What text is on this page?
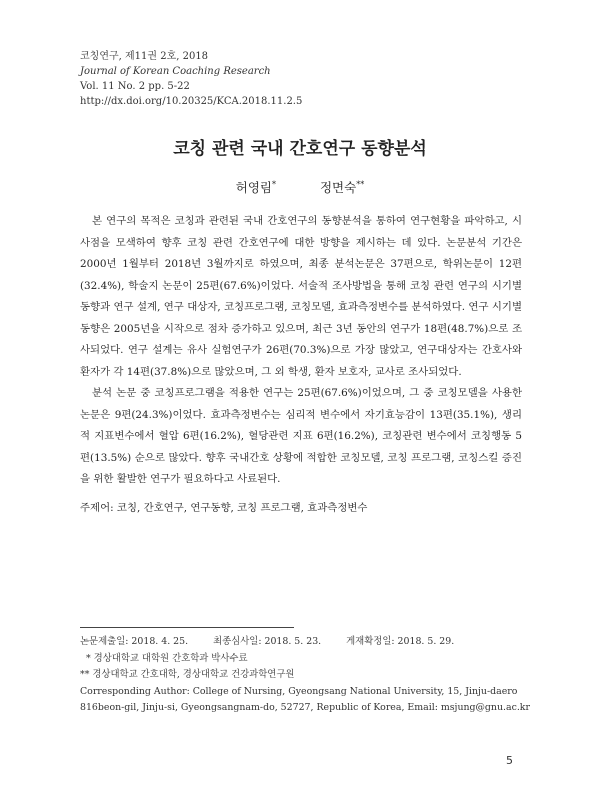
코칭연구, 제11권 2호, 2018
Journal of Korean Coaching Research
Vol. 11 No. 2 pp. 5-22
http://dx.doi.org/10.20325/KCA.2018.11.2.5
코칭 관련 국내 간호연구 동향분석
허영림*	정면숙**

본 연구의 목적은 코칭과 관련된 국내 간호연구의 동향분석을 통하여 연구현황을 파악하고, 시사점을 모색하여 향후 코칭 관련 간호연구에 대한 방향을 제시하는 데 있다. 논문분석 기간은 2000년 1월부터 2018년 3월까지로 하였으며, 최종 분석논문은 37편으로, 학위논문이 12편(32.4%), 학술지 논문이 25편(67.6%)이었다. 서술적 조사방법을 통해 코칭 관련 연구의 시기별 동향과 연구 설계, 연구 대상자, 코칭프로그램, 코칭모델, 효과측정변수를 분석하였다. 연구 시기별 동향은 2005년을 시작으로 점차 증가하고 있으며, 최근 3년 동안의 연구가 18편(48.7%)으로 조사되었다. 연구 설계는 유사 실험연구가 26편(70.3%)으로 가장 많았고, 연구대상자는 간호사와 환자가 각 14편(37.8%)으로 많았으며, 그 외 학생, 환자 보호자, 교사로 조사되었다.

분석 논문 중 코칭프로그램을 적용한 연구는 25편(67.6%)이었으며, 그 중 코칭모델을 사용한 논문은 9편(24.3%)이었다. 효과측정변수는 심리적 변수에서 자기효능감이 13편(35.1%), 생리적 지표변수에서 혈압 6편(16.2%), 혈당관련 지표 6편(16.2%), 코칭관련 변수에서 코칭행동 5편(13.5%) 순으로 많았다. 향후 국내간호 상황에 적합한 코칭모델, 코칭 프로그램, 코칭스킬 증진을 위한 활발한 연구가 필요하다고 사료된다.

주제어: 코칭, 간호연구, 연구동향, 코칭 프로그램, 효과측정변수
논문제출일: 2018. 4. 25.	최종심사일: 2018. 5. 23.	게재확정일: 2018. 5. 29.
* 경상대학교 대학원 간호학과 박사수료
** 경상대학교 간호대학, 경상대학교 건강과학연구원
Corresponding Author: College of Nursing, Gyeongsang National University, 15, Jinju-daero
816beon-gil, Jinju-si, Gyeongsangnam-do, 52727, Republic of Korea, Email: msjung@gnu.ac.kr
5
